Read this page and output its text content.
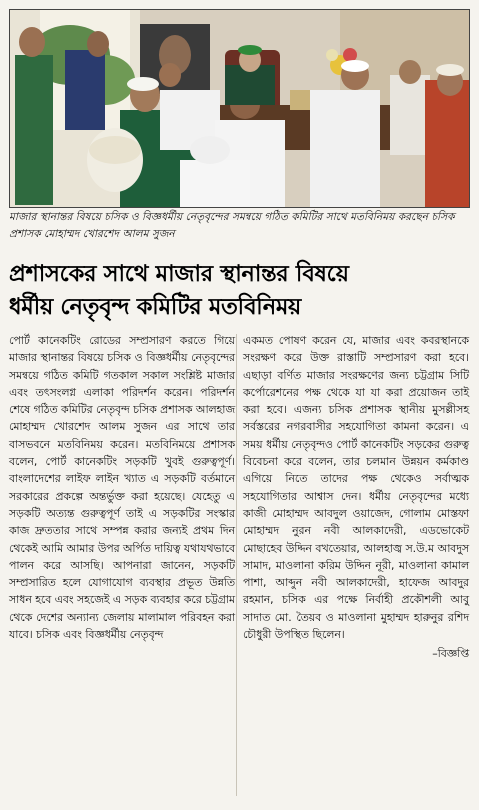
মাজার স্থানান্তর বিষয়ে চসিক ও বিজ্ঞধর্মীয় নেতৃবৃন্দের সমন্বয়ে গঠিত কমিটির সাথে মতবিনিময় করছেন চসিক প্রশাসক মোহাম্মদ খোরশেদ আলম সুজন
প্রশাসকের সাথে মাজার স্থানান্তর বিষয়ে
ধর্মীয় নেতৃবৃন্দ কমিটির মতবিনিময়
পোর্ট কানেকটিং রোডের সম্প্রসারণ করতে গিয়ে মাজার স্থানান্তর বিষয়ে চসিক ও বিজ্ঞধর্মীয় নেতৃবৃন্দের সমন্বয়ে গঠিত কমিটি গতকাল সকাল সংশ্লিষ্ট মাজার এবং তৎসংলগ্ন এলাকা পরিদর্শন করেন। পরিদর্শন শেষে গঠিত কমিটির নেতৃবৃন্দ চসিক প্রশাসক আলহাজ মোহাম্মদ খোরশেদ আলম সুজন এর সাথে তার বাসভবনে মতবিনিময় করেন। মতবিনিময়ে প্রশাসক বলেন, পোর্ট কানেকটিং সড়কটি খুবই গুরুত্বপূর্ণ। বাংলাদেশের লাইফ লাইন খ্যাত এ সড়কটি বর্তমানে সরকারের প্রকল্পে অন্তর্ভুক্ত করা হয়েছে। যেহেতু এ সড়কটি অত্যন্ত গুরুত্বপূর্ণ তাই এ সড়কটির সংস্কার কাজ দ্রুততার সাথে সম্পন্ন করার জন্যই প্রথম দিন থেকেই আমি আমার উপর অর্পিত দায়িত্ব যথাযথভাবে পালন করে আসছি। আপনারা জানেন, সড়কটি সম্প্রসারিত হলে যোগাযোগ ব্যবস্থার প্রভূত উন্নতি সাধন হবে এবং সহজেই এ সড়ক ব্যবহার করে চট্টগ্রাম থেকে দেশের অন্যান্য জেলায় মালামাল পরিবহন করা যাবে। চসিক এবং বিজ্ঞধর্মীয় নেতৃবৃন্দ
একমত পোষণ করেন যে, মাজার এবং কবরস্থানকে সংরক্ষণ করে উক্ত রাস্তাটি সম্প্রসারণ করা হবে। এছাড়া বর্ণিত মাজার সংরক্ষণের জন্য চট্টগ্রাম সিটি কর্পোরেশনের পক্ষ থেকে যা যা করা প্রয়োজন তাই করা হবে। এজন্য চসিক প্রশাসক স্থানীয় মুসল্লীসহ সর্বস্তরের নগরবাসীর সহযোগিতা কামনা করেন। এ সময় ধর্মীয় নেতৃবৃন্দও পোর্ট কানেকটিং সড়কের গুরুত্ব বিবেচনা করে বলেন, তার চলমান উন্নয়ন কর্মকাণ্ড এগিয়ে নিতে তাদের পক্ষ থেকেও সর্বাত্মক সহযোগিতার আশ্বাস দেন। ধর্মীয় নেতৃবৃন্দের মধ্যে কাজী মোহাম্মদ আবদুল ওয়াজেদ, গোলাম মোস্তফা মোহাম্মদ নুরন নবী আলকাদেরী, এডভোকেট মোছাহেব উদ্দিন বখতেয়ার, আলহাজ্ব স.উ.ম আবদুস সামাদ, মাওলানা করিম উদ্দিন নূরী, মাওলানা কামাল পাশা, আব্দুন নবী আলকাদেরী, হাফেজ আবদুর রহমান, চসিক এর পক্ষে নির্বাহী প্রকৌশলী আবু সাদাত মো. তৈয়ব ও মাওলানা মুহাম্মদ হারুনুর রশিদ চৌধুরী উপস্থিত ছিলেন।
–বিজ্ঞপ্তি
